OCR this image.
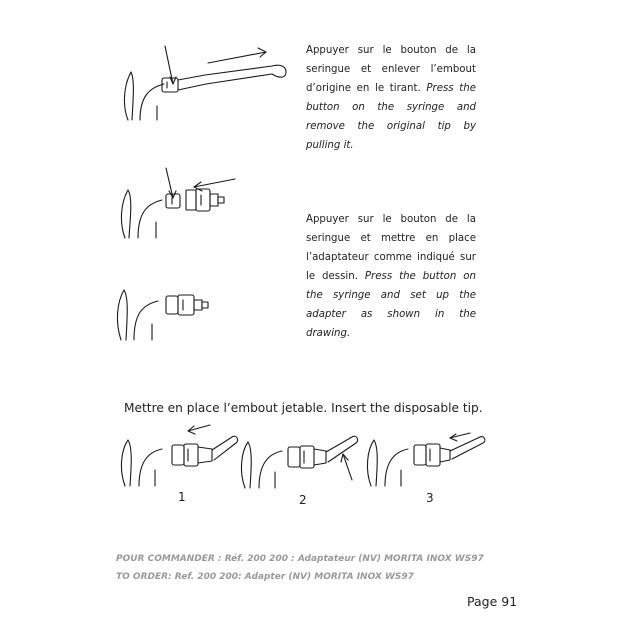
Appuyer sur le bouton de la seringue et enlever l’embout d’origine en le tirant. Press the button on the syringe and remove the original tip by pulling it.
Appuyer sur le bouton de la seringue et mettre en place l’adaptateur comme indiqué sur le dessin. Press the button on the syringe and set up the adapter as shown in the drawing.
Mettre en place l’embout jetable. Insert the disposable tip.
1	2	3
POUR COMMANDER : Réf. 200 200 : Adaptateur (NV) MORITA INOX WS97
TO ORDER: Ref. 200 200: Adapter (NV) MORITA INOX WS97
Page 91
